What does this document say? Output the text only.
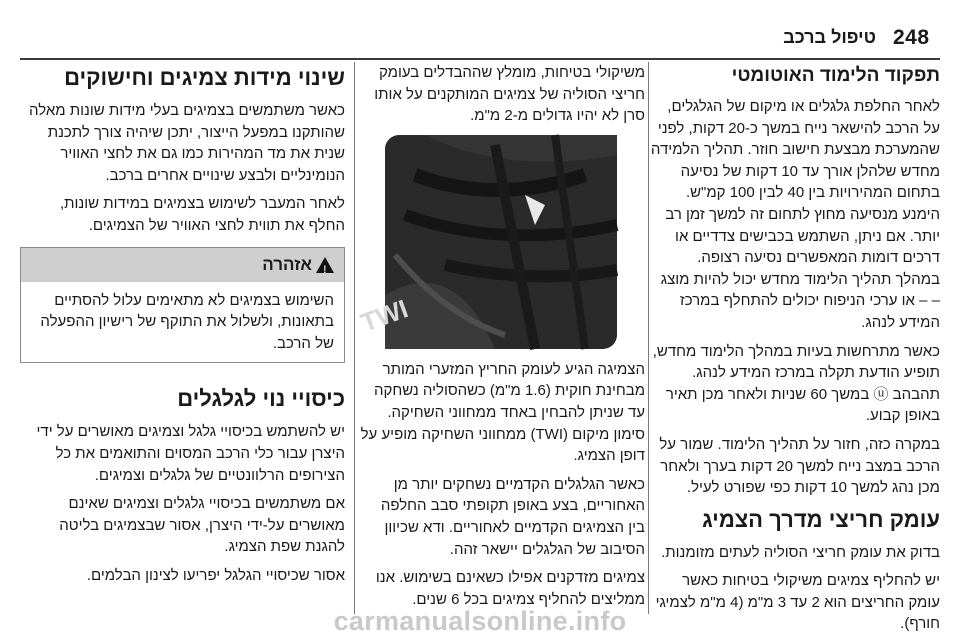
248
טיפול ברכב
תפקוד הלימוד האוטומטי

לאחר החלפת גלגלים או מיקום של הגלגלים, על הרכב להישאר נייח במשך כ-20 דקות, לפני שהמערכת מבצעת חישוב חוזר. תהליך הלמידה מחדש שלהלן אורך עד 10 דקות של נסיעה בתחום המהירויות בין 40 לבין 100 קמ"ש. הימנע מנסיעה מחוץ לתחום זה למשך זמן רב יותר. אם ניתן, השתמש בכבישים צדדיים או דרכים דומות המאפשרים נסיעה רצופה. במהלך תהליך הלימוד מחדש יכול להיות מוצג – – או ערכי הניפוח יכולים להתחלף במרכז המידע לנהג.

כאשר מתרחשות בעיות במהלך הלימוד מחדש, תופיע הודעת תקלה במרכז המידע לנהג. תהבהב ⓤ במשך 60 שניות ולאחר מכן תאיר באופן קבוע.

במקרה כזה, חזור על תהליך הלימוד. שמור על הרכב במצב נייח למשך 20 דקות בערך ולאחר מכן נהג למשך 10 דקות כפי שפורט לעיל.

עומק חריצי מדרך הצמיג

בדוק את עומק חריצי הסוליה לעתים מזומנות.

יש להחליף צמיגים משיקולי בטיחות כאשר עומק החריצים הוא 2 עד 3 מ"מ (4 מ"מ לצמיגי חורף).

משיקולי בטיחות, מומלץ שההבדלים בעומק חריצי הסוליה של צמיגים המותקנים על אותו סרן לא יהיו גדולים מ-2 מ"מ.

TWI

הצמיגה הגיע לעומק החריץ המזערי המותר מבחינת חוקית (1.6 מ"מ) כשהסוליה נשחקה עד שניתן להבחין באחד ממחווני השחיקה. סימון מיקום (TWI) ממחווני השחיקה מופיע על דופן הצמיג.

כאשר הגלגלים הקדמיים נשחקים יותר מן האחוריים, בצע באופן תקופתי סבב החלפה בין הצמיגים הקדמיים לאחוריים. ודא שכיוון הסיבוב של הגלגלים יישאר זהה.

צמיגים מזדקנים אפילו כשאינם בשימוש. אנו ממליצים להחליף צמיגים בכל 6 שנים.

שינוי מידות צמיגים וחישוקים

כאשר משתמשים בצמיגים בעלי מידות שונות מאלה שהותקנו במפעל הייצור, יתכן שיהיה צורך לתכנת שנית את מד המהירות כמו גם את לחצי האוויר הנומינליים ולבצע שינויים אחרים ברכב.

לאחר המעבר לשימוש בצמיגים במידות שונות, החלף את תווית לחצי האוויר של הצמיגים.

!
אזהרה
השימוש בצמיגים לא מתאימים עלול להסתיים בתאונות, ולשלול את התוקף של רישיון ההפעלה של הרכב.
כיסויי נוי לגלגלים

יש להשתמש בכיסויי גלגל וצמיגים מאושרים על ידי היצרן עבור כלי הרכב המסוים והתואמים את כל הצירופים הרלוונטיים של גלגלים וצמיגים.

אם משתמשים בכיסויי גלגלים וצמיגים שאינם מאושרים על-ידי היצרן, אסור שבצמיגים בליטה להגנת שפת הצמיג.

אסור שכיסויי הגלגל יפריעו לצינון הבלמים.

carmanualsonline.info
